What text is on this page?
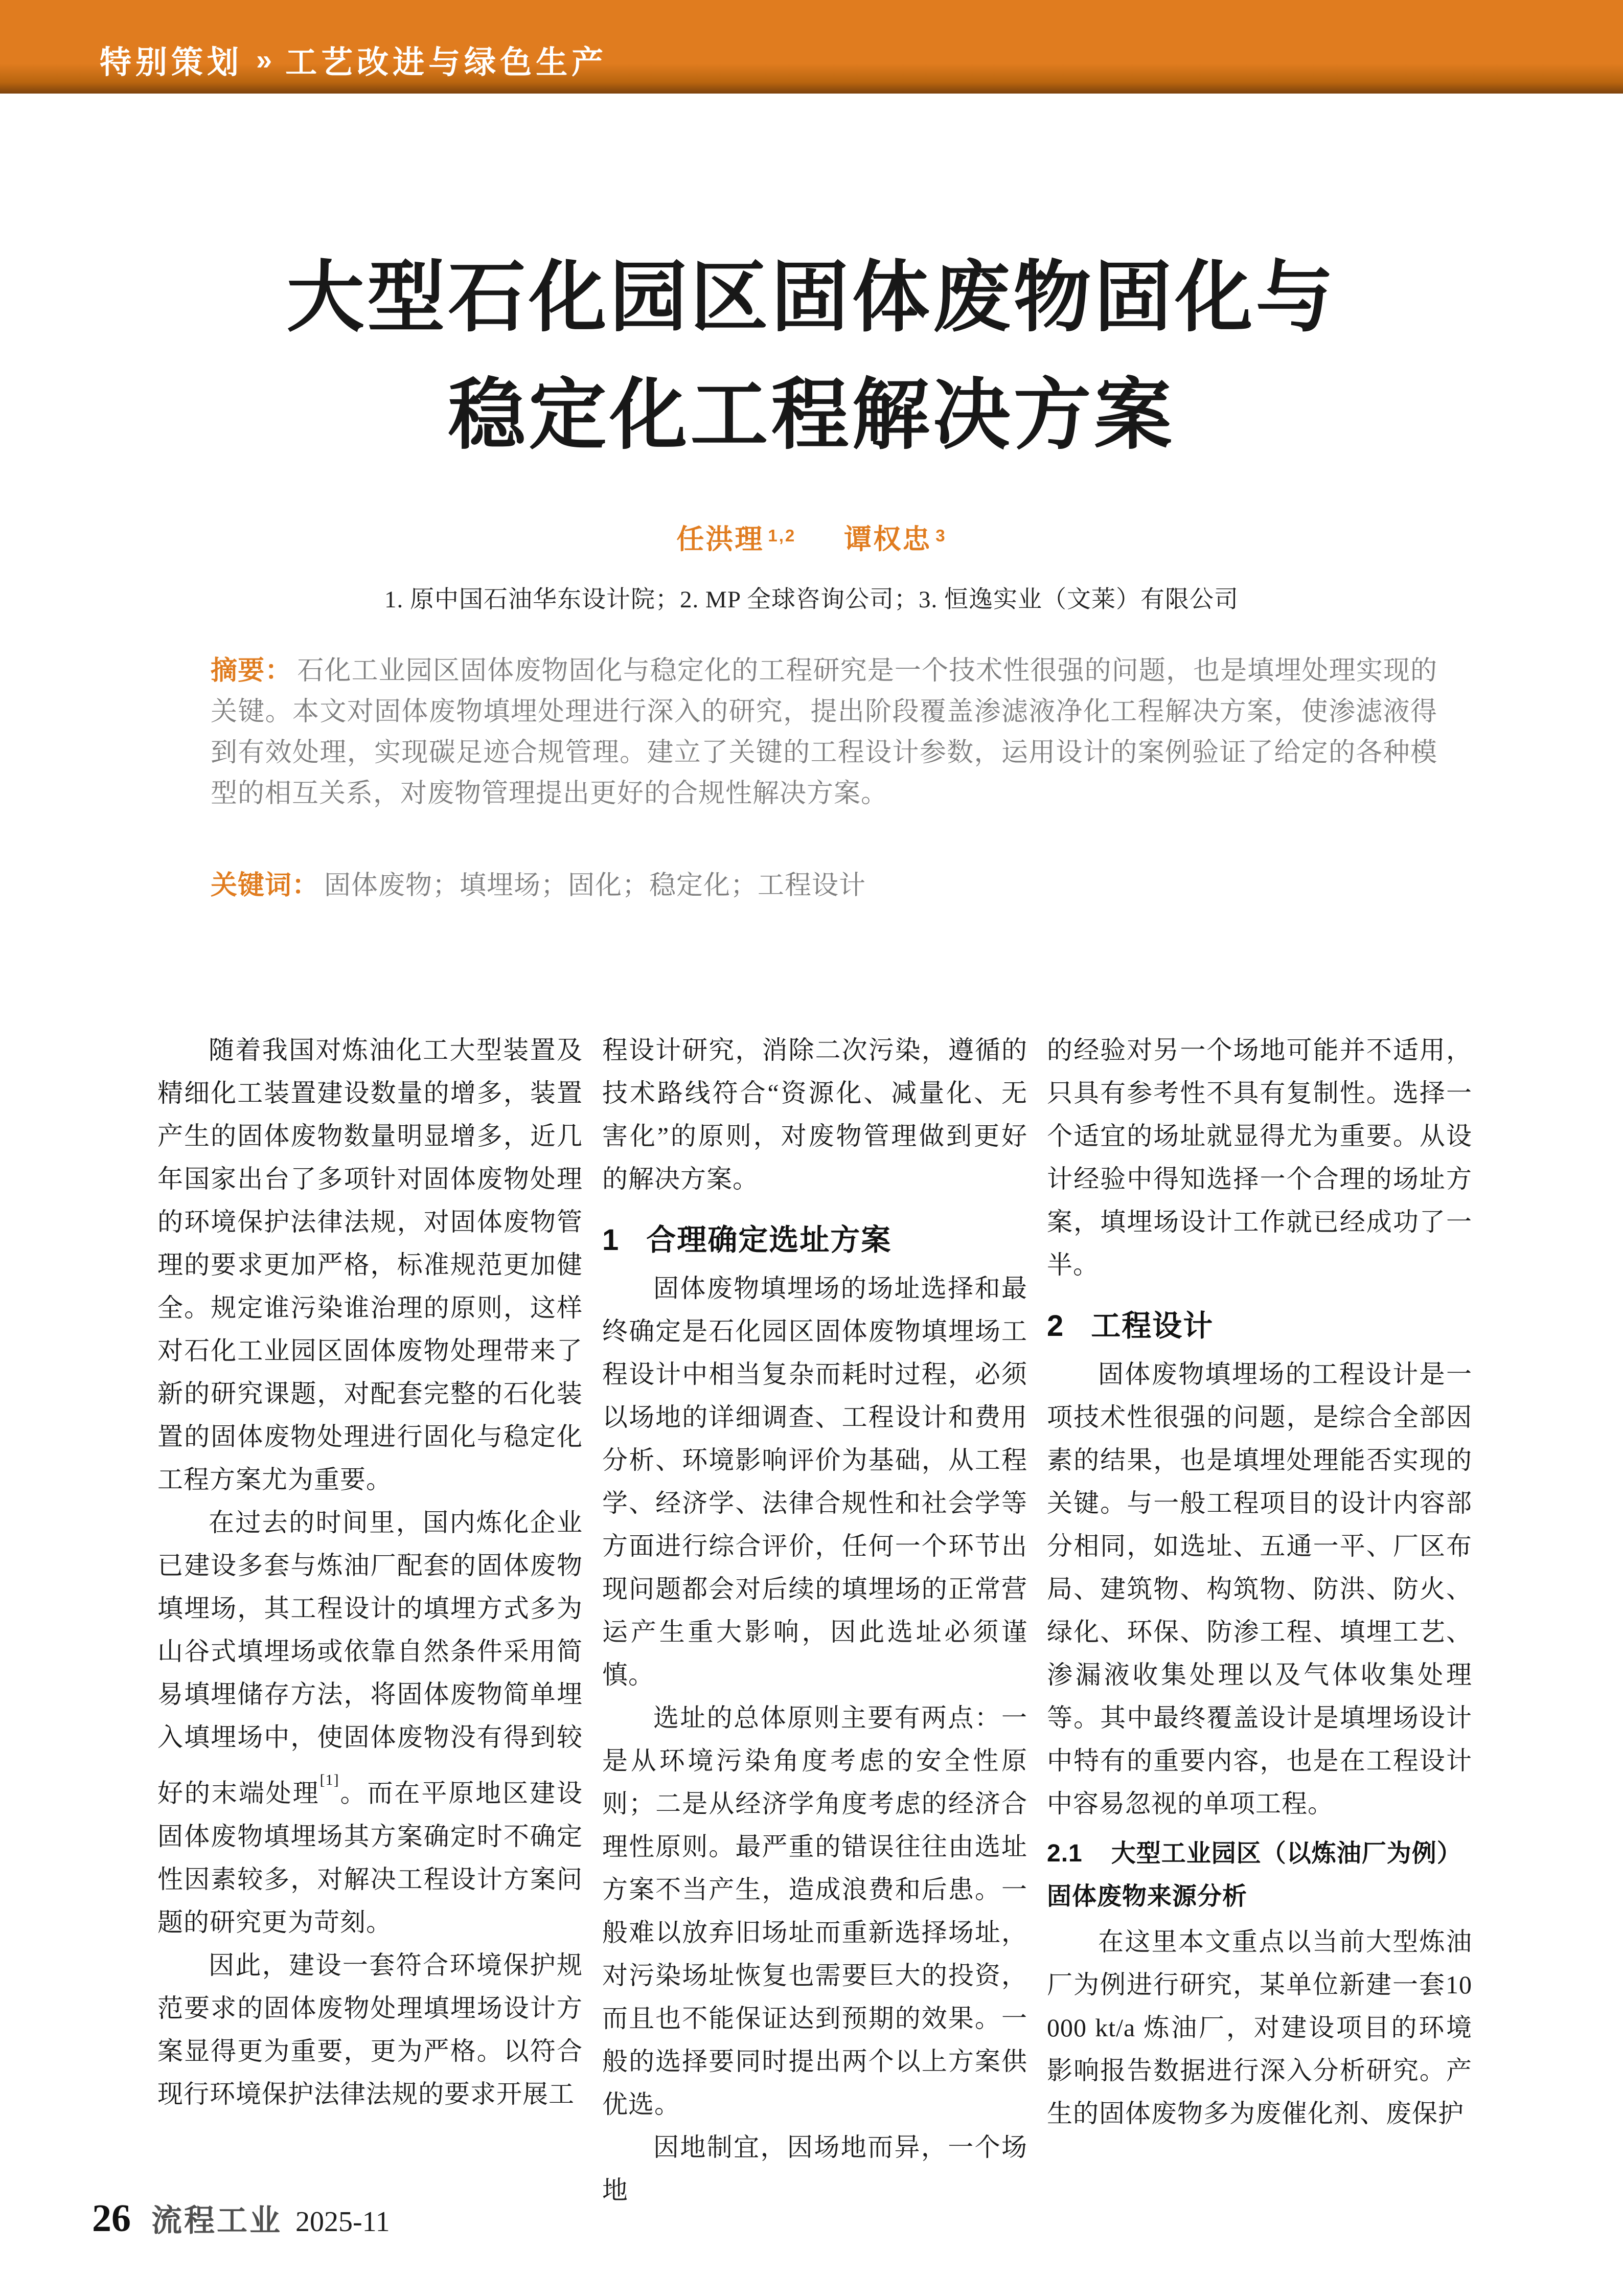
特别策划 » 工艺改进与绿色生产
大型石化园区固体废物固化与
稳定化工程解决方案
任洪理 $^{1,2}$ 谭权忠 $^3$
1. 原中国石油华东设计院；2. MP 全球咨询公司；3. 恒逸实业（文莱）有限公司
摘要： 石化工业园区固体废物固化与稳定化的工程研究是一个技术性很强的问题，也是填埋处理实现的关键。本文对固体废物填埋处理进行深入的研究，提出阶段覆盖渗滤液净化工程解决方案，使渗滤液得到有效处理，实现碳足迹合规管理。建立了关键的工程设计参数，运用设计的案例验证了给定的各种模型的相互关系，对废物管理提出更好的合规性解决方案。
关键词： 固体废物；填埋场；固化；稳定化；工程设计

随着我国对炼油化工大型装置及精细化工装置建设数量的增多，装置产生的固体废物数量明显增多，近几年国家出台了多项针对固体废物处理的环境保护法律法规，对固体废物管理的要求更加严格，标准规范更加健全。规定谁污染谁治理的原则，这样对石化工业园区固体废物处理带来了新的研究课题，对配套完整的石化装置的固体废物处理进行固化与稳定化工程方案尤为重要。

在过去的时间里，国内炼化企业已建设多套与炼油厂配套的固体废物填埋场，其工程设计的填埋方式多为山谷式填埋场或依靠自然条件采用简易填埋储存方法，将固体废物简单埋入填埋场中，使固体废物没有得到较好的末端处理[1]。而在平原地区建设固体废物填埋场其方案确定时不确定性因素较多，对解决工程设计方案问题的研究更为苛刻。

因此，建设一套符合环境保护规范要求的固体废物处理填埋场设计方案显得更为重要，更为严格。以符合现行环境保护法律法规的要求开展工

程设计研究，消除二次污染，遵循的技术路线符合“资源化、减量化、无害化”的原则，对废物管理做到更好的解决方案。

1 合理确定选址方案

固体废物填埋场的场址选择和最终确定是石化园区固体废物填埋场工程设计中相当复杂而耗时过程，必须以场地的详细调查、工程设计和费用分析、环境影响评价为基础，从工程学、经济学、法律合规性和社会学等方面进行综合评价，任何一个环节出现问题都会对后续的填埋场的正常营运产生重大影响，因此选址必须谨慎。

选址的总体原则主要有两点：一是从环境污染角度考虑的安全性原则；二是从经济学角度考虑的经济合理性原则。最严重的错误往往由选址方案不当产生，造成浪费和后患。一般难以放弃旧场址而重新选择场址，对污染场址恢复也需要巨大的投资，而且也不能保证达到预期的效果。一般的选择要同时提出两个以上方案供优选。

因地制宜，因场地而异，一个场地

的经验对另一个场地可能并不适用，只具有参考性不具有复制性。选择一个适宜的场址就显得尤为重要。从设计经验中得知选择一个合理的场址方案，填埋场设计工作就已经成功了一半。

2 工程设计

固体废物填埋场的工程设计是一项技术性很强的问题，是综合全部因素的结果，也是填埋处理能否实现的关键。与一般工程项目的设计内容部分相同，如选址、五通一平、厂区布局、建筑物、构筑物、防洪、防火、绿化、环保、防渗工程、填埋工艺、渗漏液收集处理以及气体收集处理等。其中最终覆盖设计是填埋场设计中特有的重要内容，也是在工程设计中容易忽视的单项工程。

2.1 大型工业园区（以炼油厂为例）固体废物来源分析

在这里本文重点以当前大型炼油厂为例进行研究，某单位新建一套10 000 kt/a 炼油厂，对建设项目的环境影响报告数据进行深入分析研究。产生的固体废物多为废催化剂、废保护

26 流程工业 2025-11
